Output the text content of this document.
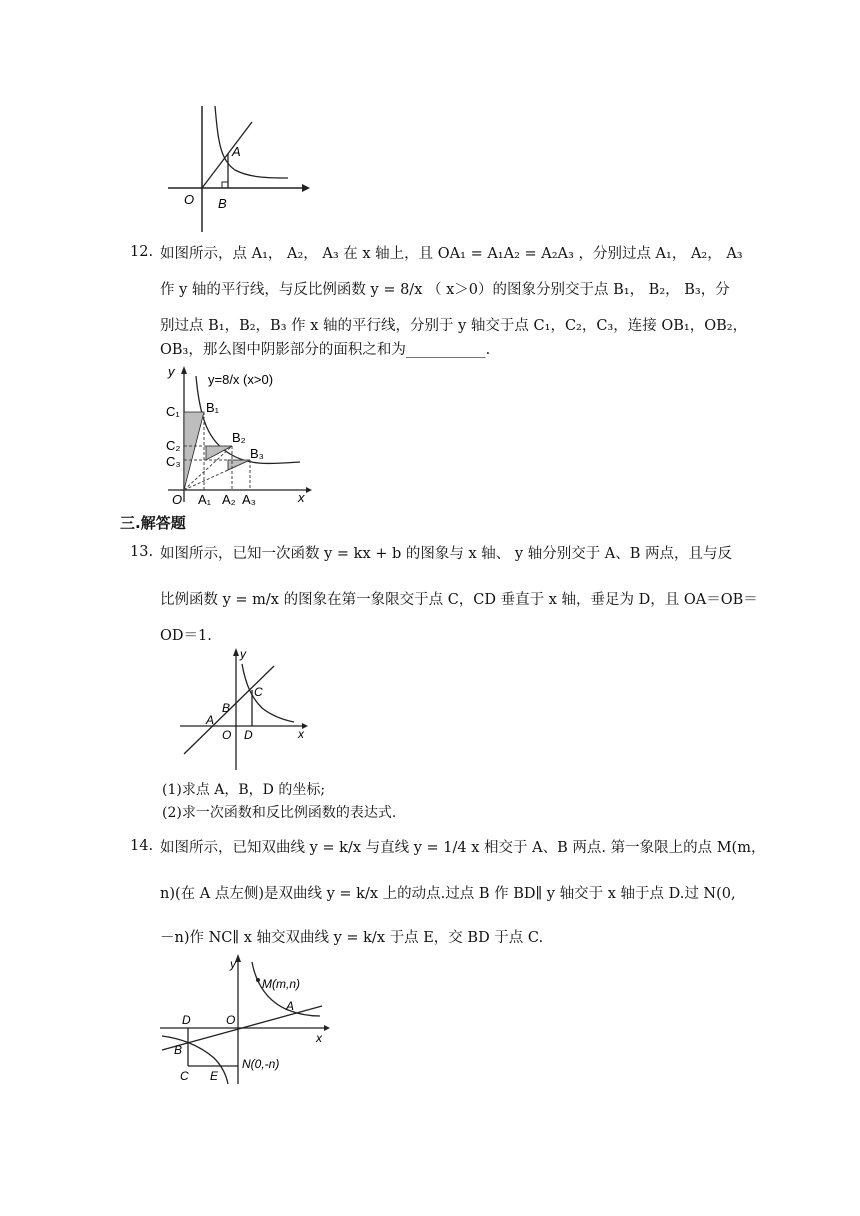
O B
A
12. 如图所示，点 A₁， A₂， A₃ 在 x 轴上，且 OA₁ = A₁A₂ = A₂A₃ ，分别过点 A₁， A₂， A₃
作 y 轴的平行线，与反比例函数 y = 8/x （ x＞0）的图象分别交于点 B₁， B₂， B₃，分
别过点 B₁，B₂，B₃ 作 x 轴的平行线，分别于 y 轴交于点 C₁，C₂，C₃，连接 OB₁，OB₂，
OB₃，那么图中阴影部分的面积之和为___________.
y
x
O
y=8/x (x>0)
C₁
C₂
C₃
B₁
B₂
B₃
A₁ A₂ A₃
三.解答题
13. 如图所示，已知一次函数 y = kx + b 的图象与 x 轴、 y 轴分别交于 A、B 两点，且与反
比例函数 y = m/x 的图象在第一象限交于点 C，CD 垂直于 x 轴，垂足为 D，且 OA＝OB＝
OD＝1.
y
x
O
A
B
C
D
(1)求点 A，B，D 的坐标;
(2)求一次函数和反比例函数的表达式.
14. 如图所示，已知双曲线 y = k/x 与直线 y = 1/4 x 相交于 A、B 两点. 第一象限上的点 M(m，
n)(在 A 点左侧)是双曲线 y = k/x 上的动点.过点 B 作 BD∥ y 轴交于 x 轴于点 D.过 N(0,
－n)作 NC∥ x 轴交双曲线 y = k/x 于点 E，交 BD 于点 C.
y
x
O
M(m,n)
A
D
B
C E
N(0,-n)
